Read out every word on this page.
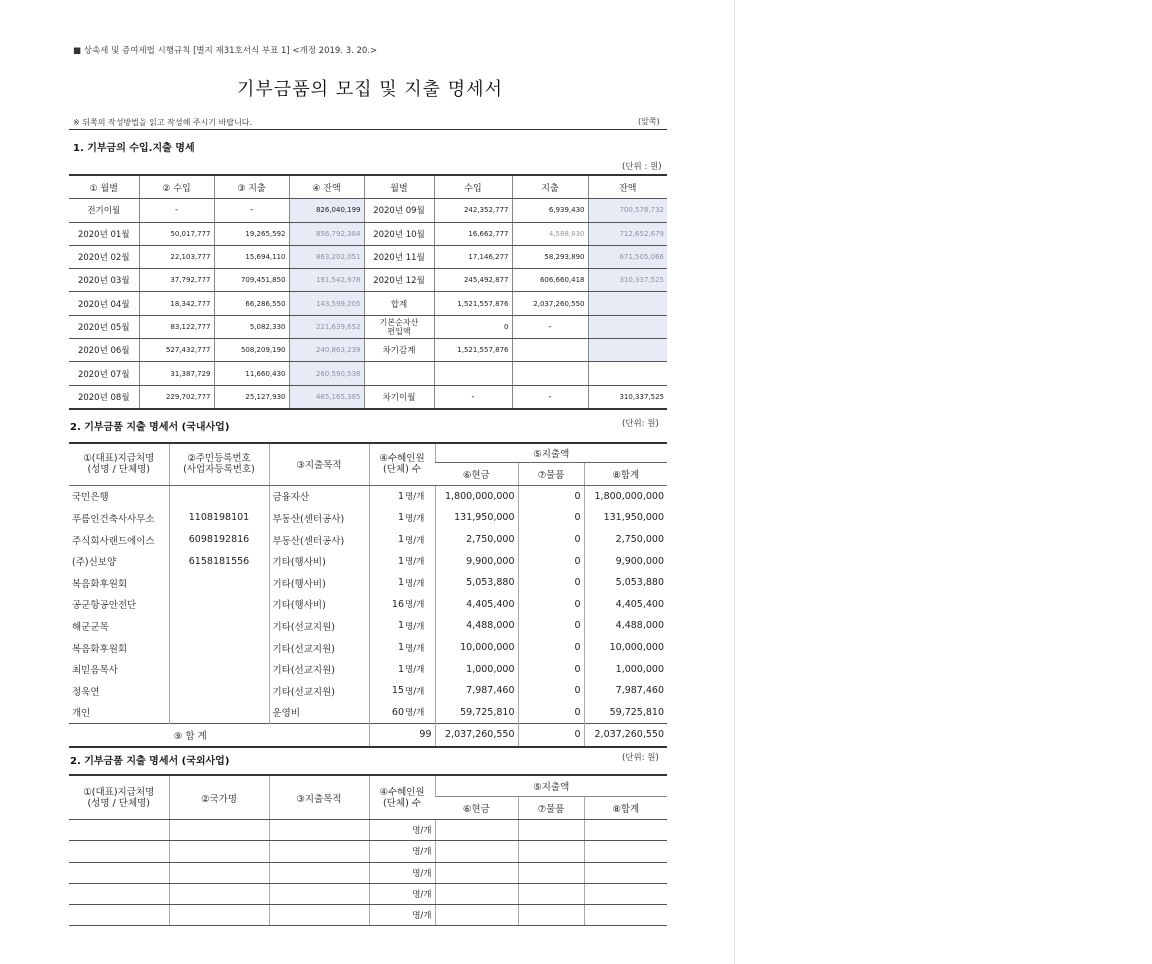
■ 상속세 및 증여세법 시행규칙 [별지 제31호서식 부표 1] <개정 2019. 3. 20.>
기부금품의 모집 및 지출 명세서
※ 뒤쪽의 작성방법을 읽고 작성해 주시기 바랍니다.	(앞쪽)
1. 기부금의 수입.지출 명세
(단위 : 원)
① 월별	② 수입	③ 지출	④ 잔액	월별	수입	지출	잔액
전기이월	-	-	826,040,199	2020년 09월	242,352,777	6,939,430	700,578,732
2020년 01월	50,017,777	19,265,592	856,792,384	2020년 10월	16,662,777	4,588,830	712,652,679
2020년 02월	22,103,777	15,694,110	863,202,051	2020년 11월	17,146,277	58,293,890	671,505,066
2020년 03월	37,792,777	709,451,850	191,542,978	2020년 12월	245,492,877	606,660,418	310,337,525
2020년 04월	18,342,777	66,286,550	143,599,205	합계	1,521,557,876	2,037,260,550	
2020년 05월	83,122,777	5,082,330	221,639,652	기본순자산
편입액	0	-	
2020년 06월	527,432,777	508,209,190	240,863,239	차기감계	1,521,557,876		
2020년 07월	31,387,729	11,660,430	260,590,538				
2020년 08월	229,702,777	25,127,930	465,165,385	차기이월	-	-	310,337,525
2. 기부금품 지출 명세서 (국내사업)	(단위: 원)
①(대표)지급처명
(성명 / 단체명)	②주민등록번호
(사업자등록번호)	③지출목적	④수혜인원
(단체) 수		⑤지출액		
					⑥현금	⑦물품	⑧합계
국민은행		금융자산	1	명/개	1,800,000,000	0	1,800,000,000
푸름인건축사사무소	1108198101	부동산(센터공사)	1	명/개	131,950,000	0	131,950,000
주식회사랜드에이스	6098192816	부동산(센터공사)	1	명/개	2,750,000	0	2,750,000
(주)신보양	6158181556	기타(행사비)	1	명/개	9,900,000	0	9,900,000
복음화후원회		기타(행사비)	1	명/개	5,053,880	0	5,053,880
공군항공안전단		기타(행사비)	16	명/개	4,405,400	0	4,405,400
해군군목		기타(선교지원)	1	명/개	4,488,000	0	4,488,000
복음화후원회		기타(선교지원)	1	명/개	10,000,000	0	10,000,000
최믿음목사		기타(선교지원)	1	명/개	1,000,000	0	1,000,000
정욱연		기타(선교지원)	15	명/개	7,987,460	0	7,987,460
개인		운영비	60	명/개	59,725,810	0	59,725,810
⑨ 합 계			99		2,037,260,550	0	2,037,260,550
2. 기부금품 지출 명세서 (국외사업)	(단위: 원)
①(대표)지급처명
(성명 / 단체명)	②국가명	③지출목적	④수혜인원
(단체) 수	⑤지출액		
				⑥현금	⑦물품	⑧합계
			명/개			
			명/개			
			명/개			
			명/개			
			명/개			
